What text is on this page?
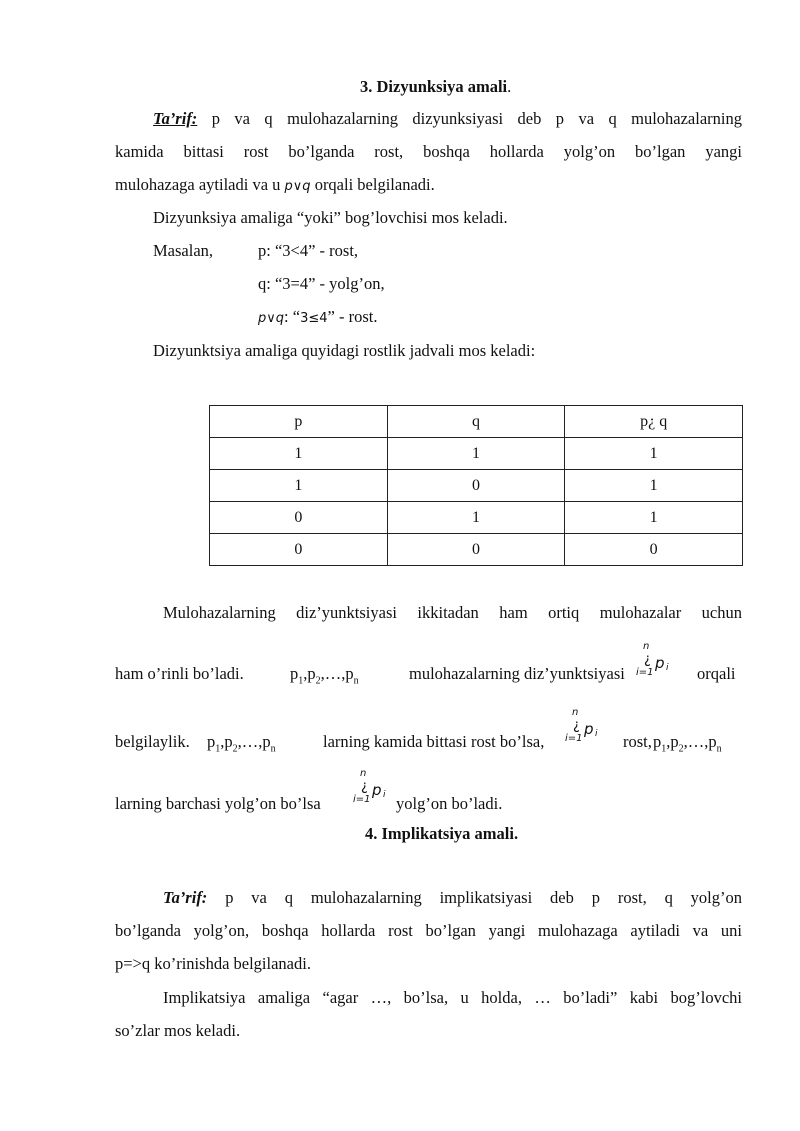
3. Dizyunksiya amali.
Ta’rif: p va q mulohazalarning dizyunksiyasi deb p va q mulohazalarning
kamida bittasi rost bo’lganda rost, boshqa hollarda yolg’on bo’lgan yangi
mulohazaga aytiladi va u p∨q orqali belgilanadi.
Dizyunksiya amaliga “yoki” bog’lovchisi mos keladi.
Masalan,	p: “3<4” - rost,
q: “3=4” - yolg’on,
p∨q: “3≤4” - rost.
Dizyunktsiya amaliga quyidagi rostlik jadvali mos keladi:
p	q	p¿ q
1	1	1
1	0	1
0	1	1
0	0	0
Mulohazalarning diz’yunktsiyasi ikkitadan ham ortiq mulohazalar uchun
ham o’rinli bo’ladi.	$p_1,p_2,\dots,p_n$	mulohazalarning diz’yunktsiyasi
n
¿
i=1
p i orqali
belgilaylik. $p_1,p_2,\dots,p_n$	larning kamida bittasi rost bo’lsa,
n
¿
i=1
p i rost, $p_1,p_2,\dots,p_n$
larning barchasi yolg’on bo’lsa
n
¿
i=1
p i yolg’on bo’ladi.
4. Implikatsiya amali.
Ta’rif: p va q mulohazalarning implikatsiyasi deb p rost, q yolg’on
bo’lganda yolg’on, boshqa hollarda rost bo’lgan yangi mulohazaga aytiladi va uni
p=>q ko’rinishda belgilanadi.
Implikatsiya amaliga “agar …, bo’lsa, u holda, … bo’ladi” kabi bog’lovchi
so’zlar mos keladi.
